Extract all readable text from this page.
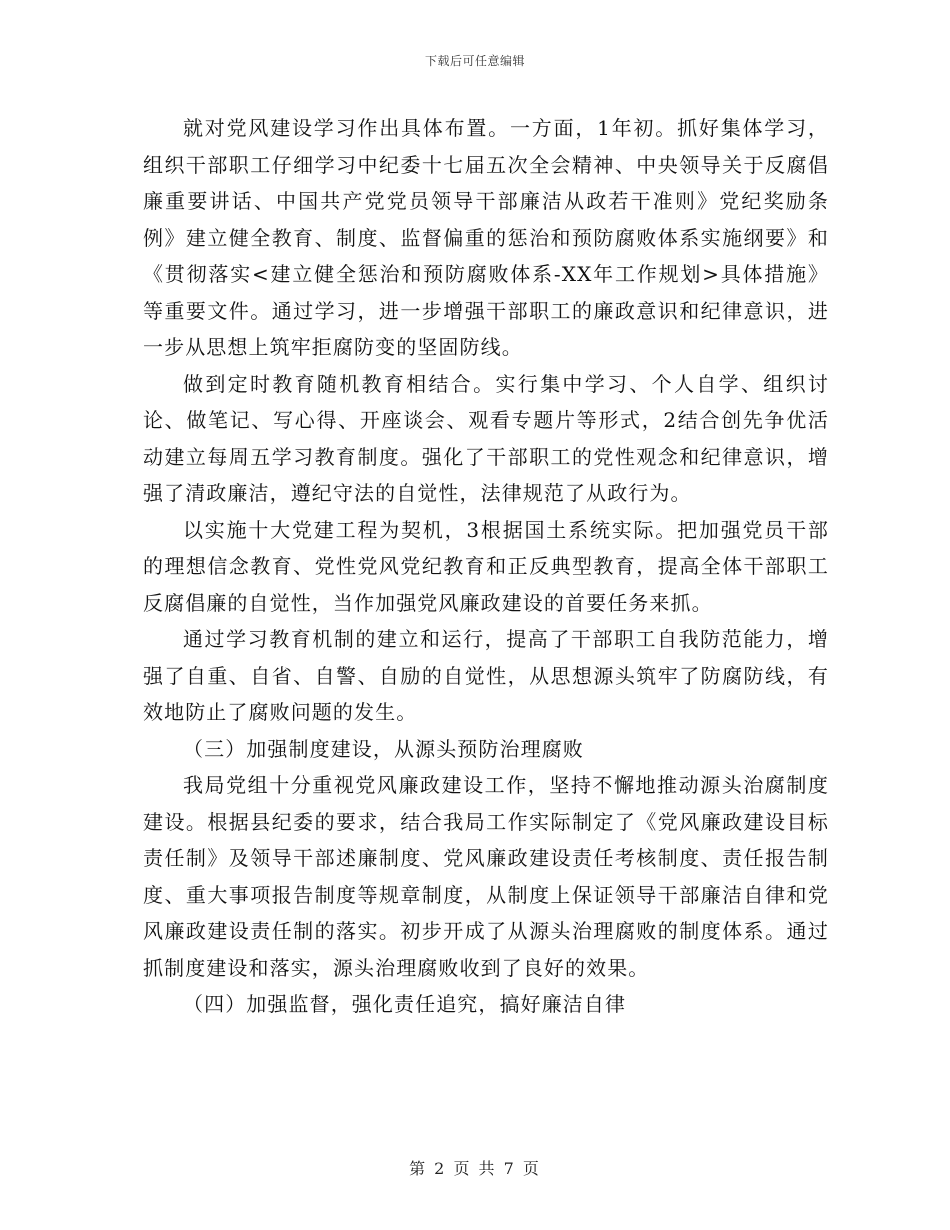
下载后可任意编辑

就对党风建设学习作出具体布置。一方面，1年初。抓好集体学习，组织干部职工仔细学习中纪委十七届五次全会精神、中央领导关于反腐倡廉重要讲话、中国共产党党员领导干部廉洁从政若干准则》党纪奖励条例》建立健全教育、制度、监督偏重的惩治和预防腐败体系实施纲要》和《贯彻落实<建立健全惩治和预防腐败体系-XX年工作规划>具体措施》等重要文件。通过学习，进一步增强干部职工的廉政意识和纪律意识，进一步从思想上筑牢拒腐防变的坚固防线。

做到定时教育随机教育相结合。实行集中学习、个人自学、组织讨论、做笔记、写心得、开座谈会、观看专题片等形式，2结合创先争优活动建立每周五学习教育制度。强化了干部职工的党性观念和纪律意识，增强了清政廉洁，遵纪守法的自觉性，法律规范了从政行为。

以实施十大党建工程为契机，3根据国土系统实际。把加强党员干部的理想信念教育、党性党风党纪教育和正反典型教育，提高全体干部职工反腐倡廉的自觉性，当作加强党风廉政建设的首要任务来抓。

通过学习教育机制的建立和运行，提高了干部职工自我防范能力，增强了自重、自省、自警、自励的自觉性，从思想源头筑牢了防腐防线，有效地防止了腐败问题的发生。

（三）加强制度建设，从源头预防治理腐败

我局党组十分重视党风廉政建设工作，坚持不懈地推动源头治腐制度建设。根据县纪委的要求，结合我局工作实际制定了《党风廉政建设目标责任制》及领导干部述廉制度、党风廉政建设责任考核制度、责任报告制度、重大事项报告制度等规章制度，从制度上保证领导干部廉洁自律和党风廉政建设责任制的落实。初步开成了从源头治理腐败的制度体系。通过抓制度建设和落实，源头治理腐败收到了良好的效果。

（四）加强监督，强化责任追究，搞好廉洁自律

第 2 页 共 7 页
